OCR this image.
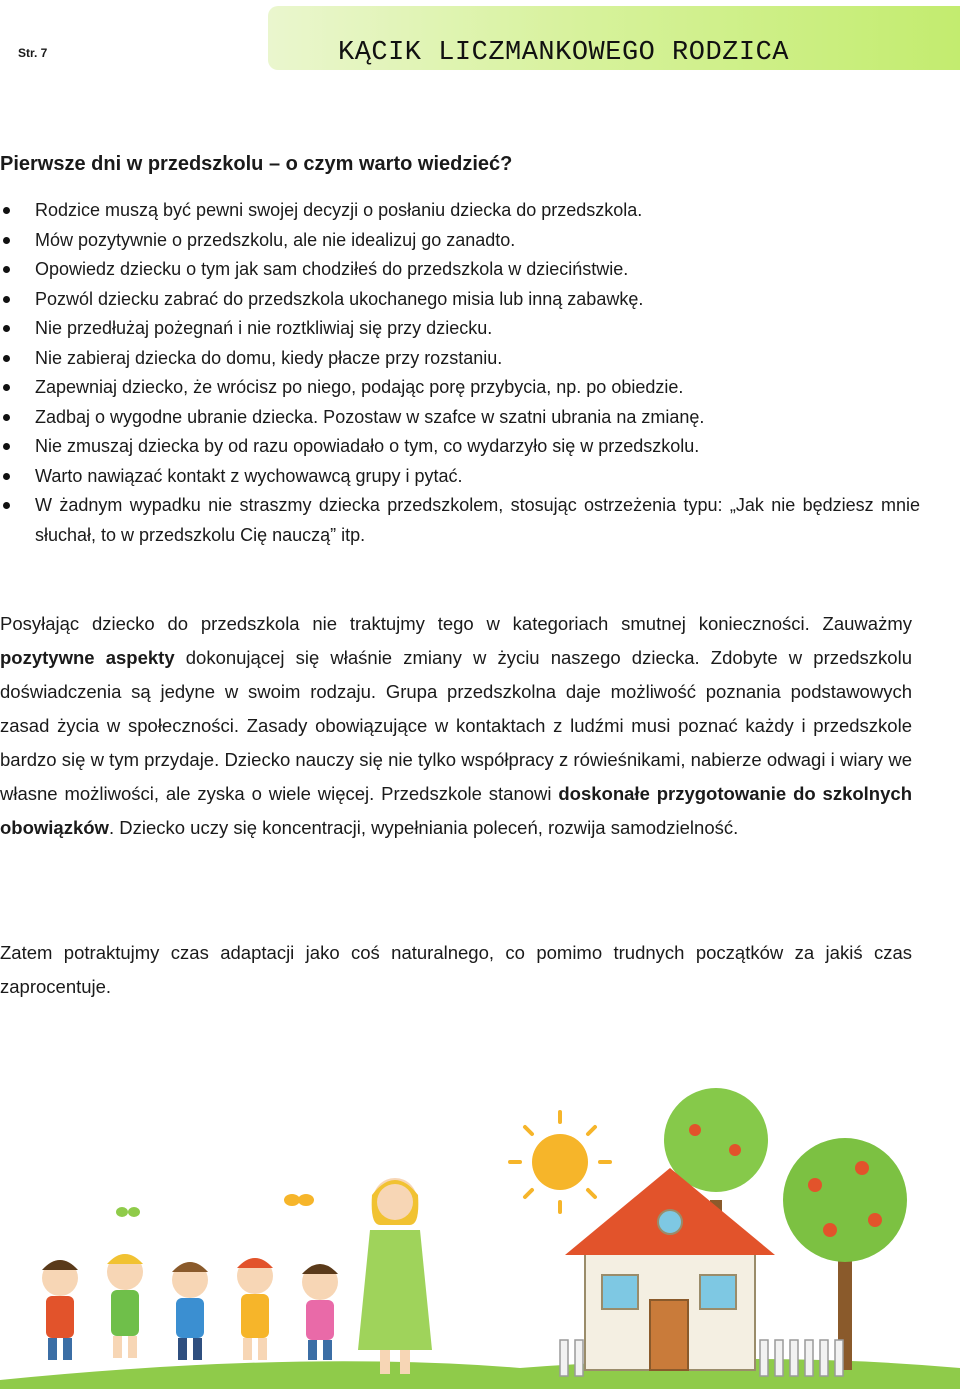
Str. 7	KĄCIK LICZMANKOWEGO RODZICA
Pierwsze dni w przedszkolu – o czym warto wiedzieć?
Rodzice muszą być pewni swojej decyzji o posłaniu dziecka do przedszkola.
Mów pozytywnie o przedszkolu, ale nie idealizuj go zanadto.
Opowiedz dziecku o tym jak sam chodziłeś do przedszkola w dzieciństwie.
Pozwól dziecku zabrać do przedszkola ukochanego misia lub inną zabawkę.
Nie przedłużaj pożegnań i nie roztkliwiaj się przy dziecku.
Nie zabieraj dziecka do domu, kiedy płacze przy rozstaniu.
Zapewniaj dziecko, że wrócisz po niego, podając porę przybycia, np. po obiedzie.
Zadbaj o wygodne ubranie dziecka. Pozostaw w szafce w szatni ubrania na zmianę.
Nie zmuszaj dziecka by od razu opowiadało o tym, co wydarzyło się w przedszkolu.
Warto nawiązać kontakt z wychowawcą grupy i pytać.
W żadnym wypadku nie straszmy dziecka przedszkolem, stosując ostrzeżenia typu: „Jak nie będziesz mnie słuchał, to w przedszkolu Cię nauczą” itp.

Posyłając dziecko do przedszkola nie traktujmy tego w kategoriach smutnej konieczności. Zauważmy pozytywne aspekty dokonującej się właśnie zmiany w życiu naszego dziecka. Zdobyte w przedszkolu doświadczenia są jedyne w swoim rodzaju. Grupa przedszkolna daje możliwość poznania podstawowych zasad życia w społeczności. Zasady obowiązujące w kontaktach z ludźmi musi poznać każdy i przedszkole bardzo się w tym przydaje. Dziecko nauczy się nie tylko współpracy z rówieśnikami, nabierze odwagi i wiary we własne możliwości, ale zyska o wiele więcej. Przedszkole stanowi doskonałe przygotowanie do szkolnych obowiązków. Dziecko uczy się koncentracji, wypełniania poleceń, rozwija samodzielność.

Zatem potraktujmy czas adaptacji jako coś naturalnego, co pomimo trudnych początków za jakiś czas zaprocentuje.
